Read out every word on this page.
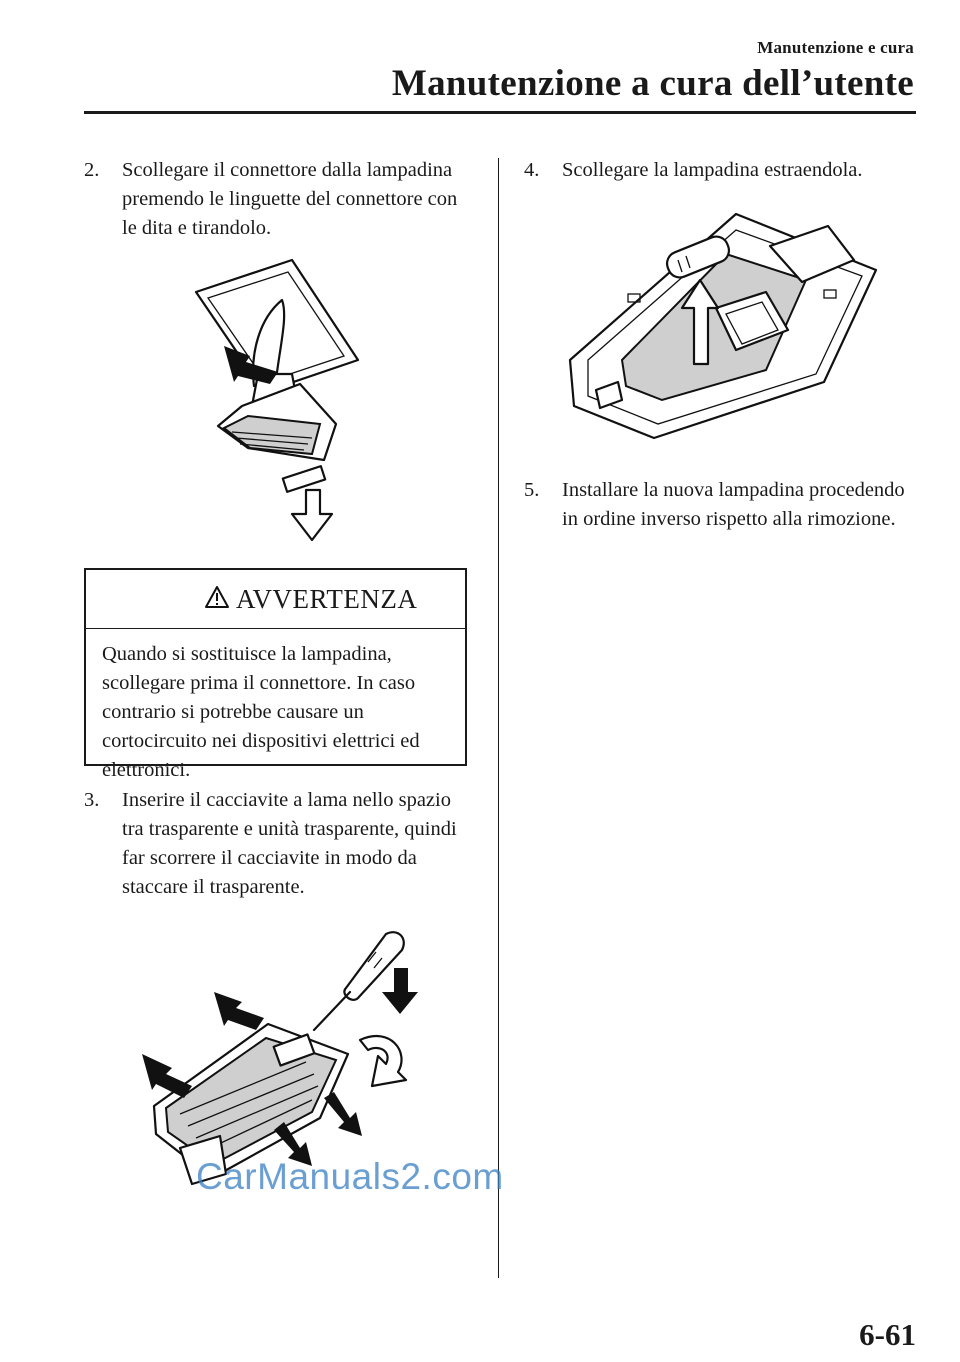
Manutenzione e cura
Manutenzione a cura dell’utente
2.	Scollegare il connettore dalla lampadina premendo le linguette del connettore con le dita e tirandolo.
AVVERTENZA
Quando si sostituisce la lampadina, scollegare prima il connettore. In caso contrario si potrebbe causare un cortocircuito nei dispositivi elettrici ed elettronici.
3.	Inserire il cacciavite a lama nello spazio tra trasparente e unità trasparente, quindi far scorrere il cacciavite in modo da staccare il trasparente.
4.	Scollegare la lampadina estraendola.
5.	Installare la nuova lampadina procedendo in ordine inverso rispetto alla rimozione.
CarManuals2.com
6-61
